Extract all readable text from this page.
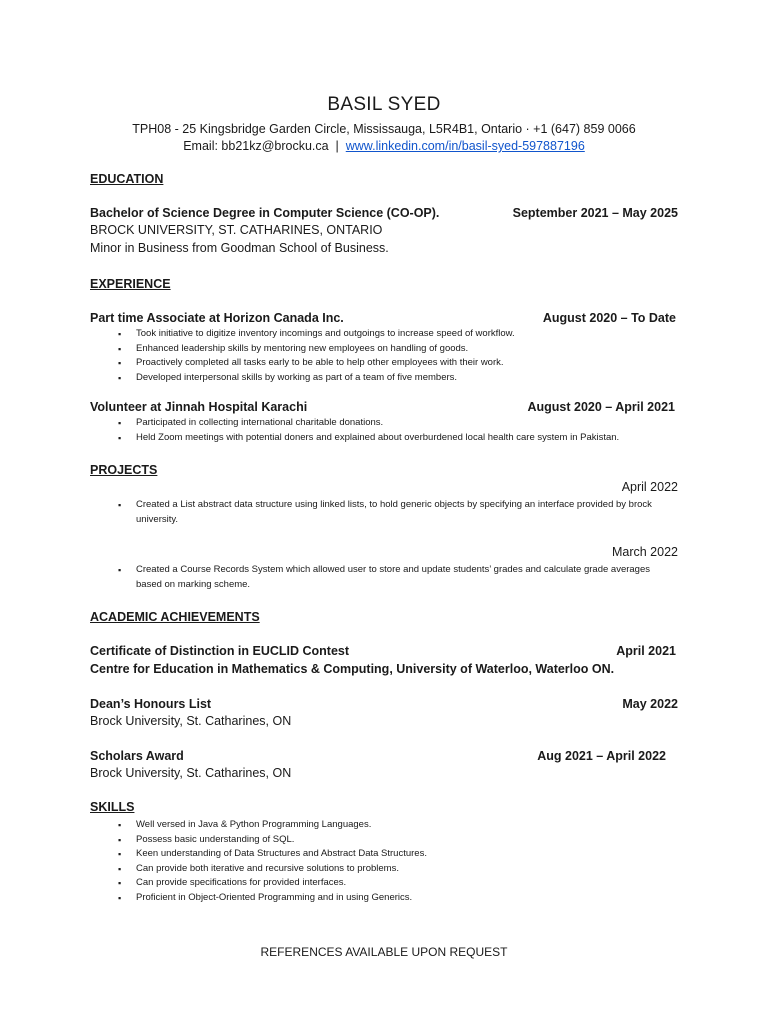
BASIL SYED
TPH08 - 25 Kingsbridge Garden Circle, Mississauga, L5R4B1, Ontario · +1 (647) 859 0066
Email: bb21kz@brocku.ca  |  www.linkedin.com/in/basil-syed-597887196
EDUCATION
Bachelor of Science Degree in Computer Science (CO-OP).	September 2021 – May 2025
BROCK UNIVERSITY, ST. CATHARINES, ONTARIO
Minor in Business from Goodman School of Business.
EXPERIENCE
Part time Associate at Horizon Canada Inc.	August 2020 – To Date
▪ Took initiative to digitize inventory incomings and outgoings to increase speed of workflow.
▪ Enhanced leadership skills by mentoring new employees on handling of goods.
▪ Proactively completed all tasks early to be able to help other employees with their work.
▪ Developed interpersonal skills by working as part of a team of five members.
Volunteer at Jinnah Hospital Karachi	August 2020 – April 2021
▪ Participated in collecting international charitable donations.
▪ Held Zoom meetings with potential doners and explained about overburdened local health care system in Pakistan.
PROJECTS
April 2022
▪ Created a List abstract data structure using linked lists, to hold generic objects by specifying an interface provided by brock university.
March 2022
▪ Created a Course Records System which allowed user to store and update students’ grades and calculate grade averages based on marking scheme.
ACADEMIC ACHIEVEMENTS
Certificate of Distinction in EUCLID Contest	April 2021
Centre for Education in Mathematics & Computing, University of Waterloo, Waterloo ON.
Dean’s Honours List	May 2022
Brock University, St. Catharines, ON
Scholars Award	Aug 2021 – April 2022
Brock University, St. Catharines, ON
SKILLS
▪ Well versed in Java & Python Programming Languages.
▪ Possess basic understanding of SQL.
▪ Keen understanding of Data Structures and Abstract Data Structures.
▪ Can provide both iterative and recursive solutions to problems.
▪ Can provide specifications for provided interfaces.
▪ Proficient in Object-Oriented Programming and in using Generics.
REFERENCES AVAILABLE UPON REQUEST
